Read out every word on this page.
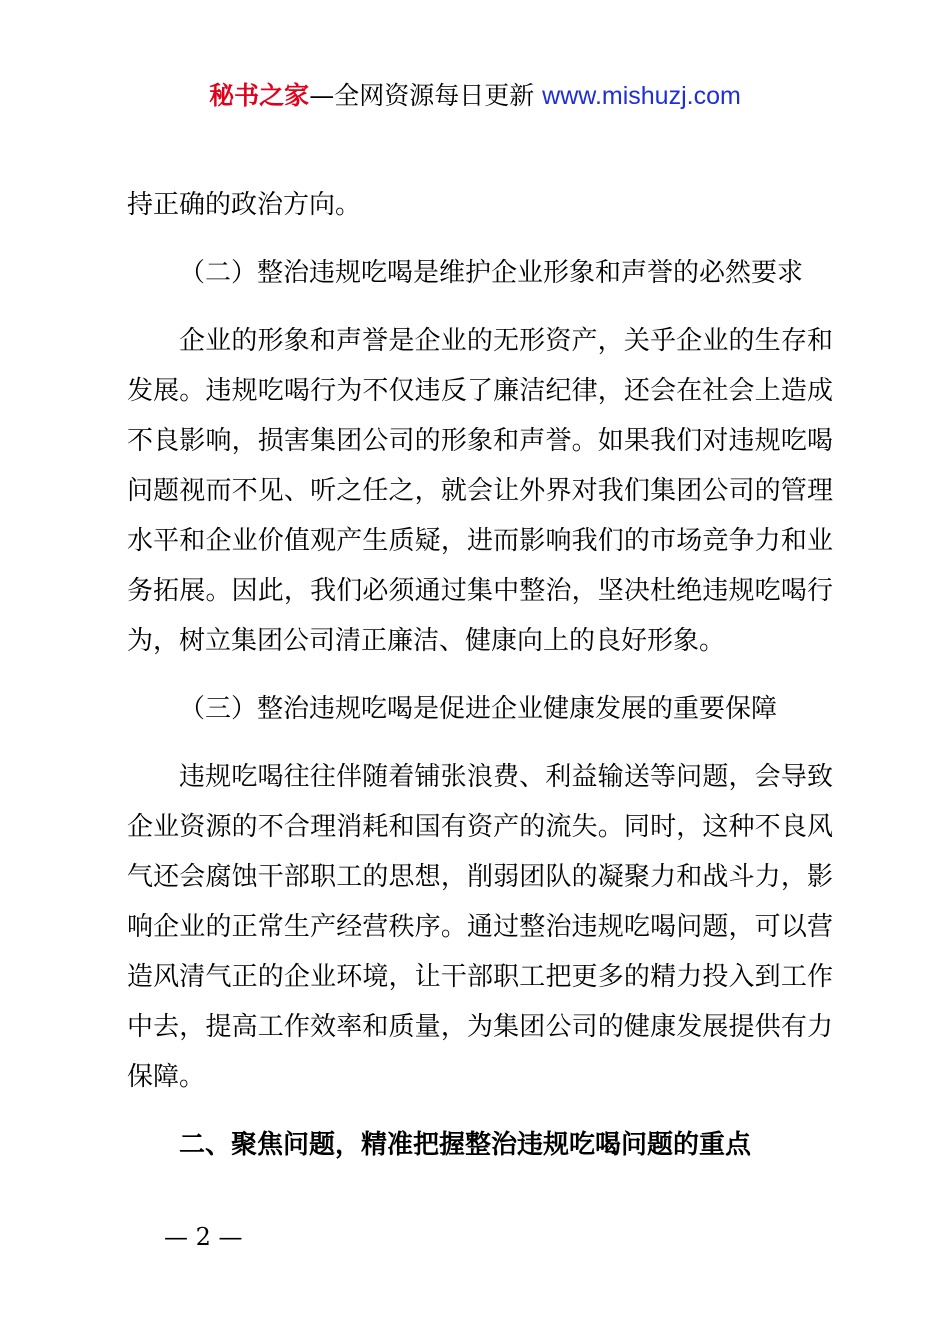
秘书之家—全网资源每日更新 www.mishuzj.com

持正确的政治方向。

（二）整治违规吃喝是维护企业形象和声誉的必然要求

企业的形象和声誉是企业的无形资产，关乎企业的生存和发展。违规吃喝行为不仅违反了廉洁纪律，还会在社会上造成不良影响，损害集团公司的形象和声誉。如果我们对违规吃喝问题视而不见、听之任之，就会让外界对我们集团公司的管理水平和企业价值观产生质疑，进而影响我们的市场竞争力和业务拓展。因此，我们必须通过集中整治，坚决杜绝违规吃喝行为，树立集团公司清正廉洁、健康向上的良好形象。

（三）整治违规吃喝是促进企业健康发展的重要保障

违规吃喝往往伴随着铺张浪费、利益输送等问题，会导致企业资源的不合理消耗和国有资产的流失。同时，这种不良风气还会腐蚀干部职工的思想，削弱团队的凝聚力和战斗力，影响企业的正常生产经营秩序。通过整治违规吃喝问题，可以营造风清气正的企业环境，让干部职工把更多的精力投入到工作中去，提高工作效率和质量，为集团公司的健康发展提供有力保障。

二、聚焦问题，精准把握整治违规吃喝问题的重点

— 2 —
